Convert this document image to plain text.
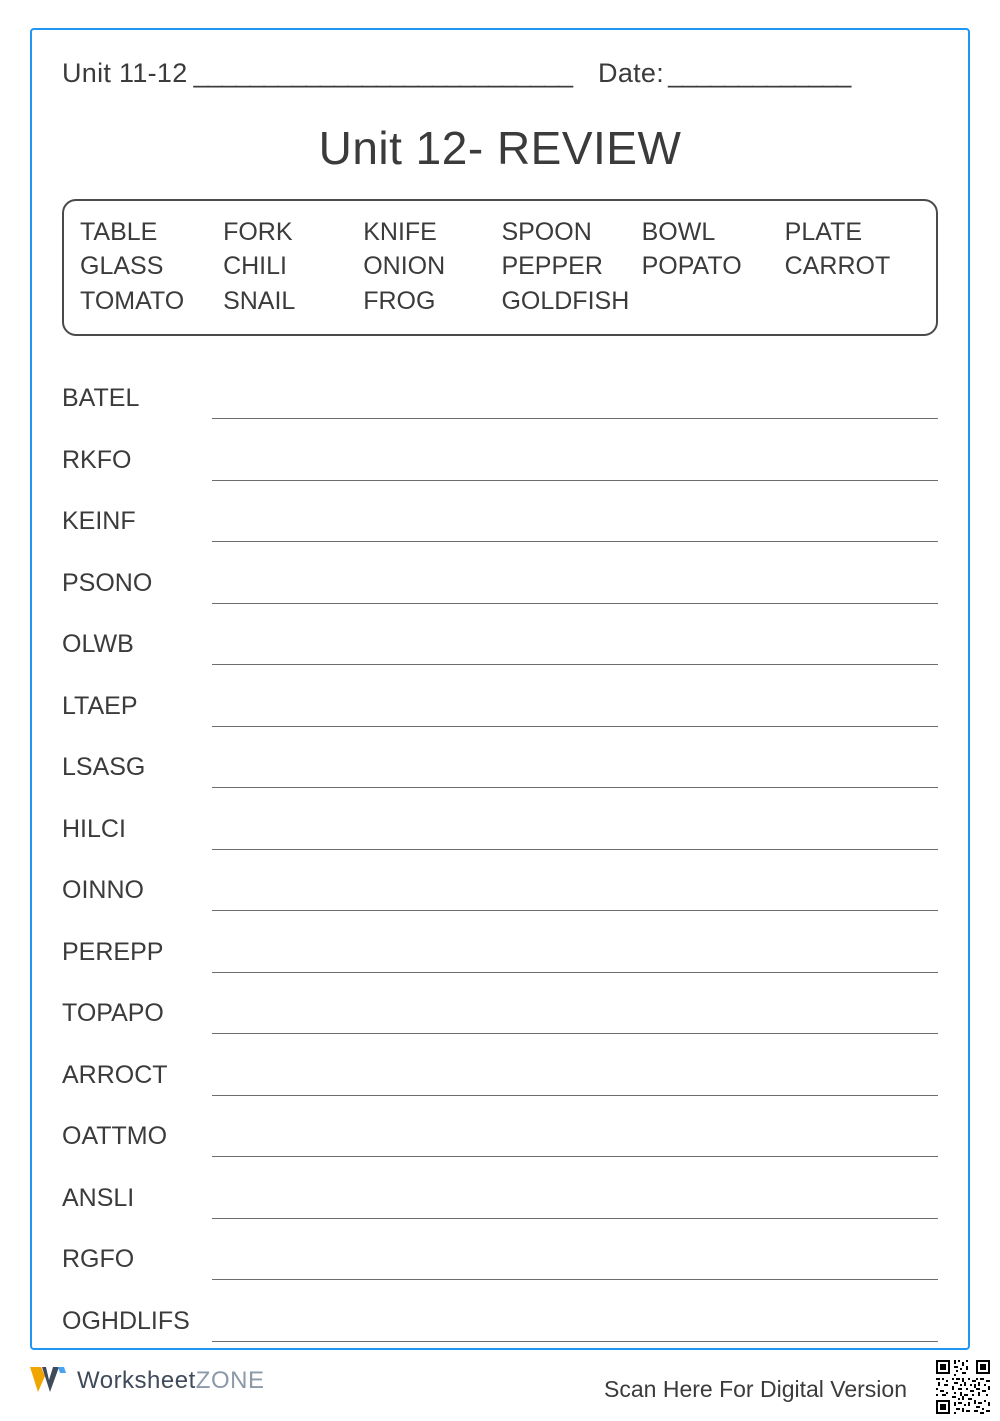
Unit 11-12 ___________________________ Date: _____________
Unit 12- REVIEW
TABLE	FORK	KNIFE	SPOON	BOWL	PLATE
GLASS	CHILI	ONION	PEPPER	POPATO	CARROT
TOMATO	SNAIL	FROG	GOLDFISH
BATEL
RKFO
KEINF
PSONO
OLWB
LTAEP
LSASG
HILCI
OINNO
PEREPP
TOPAPO
ARROCT
OATTMO
ANSLI
RGFO
OGHDLIFS
WorksheetZONE	Scan Here For Digital Version
